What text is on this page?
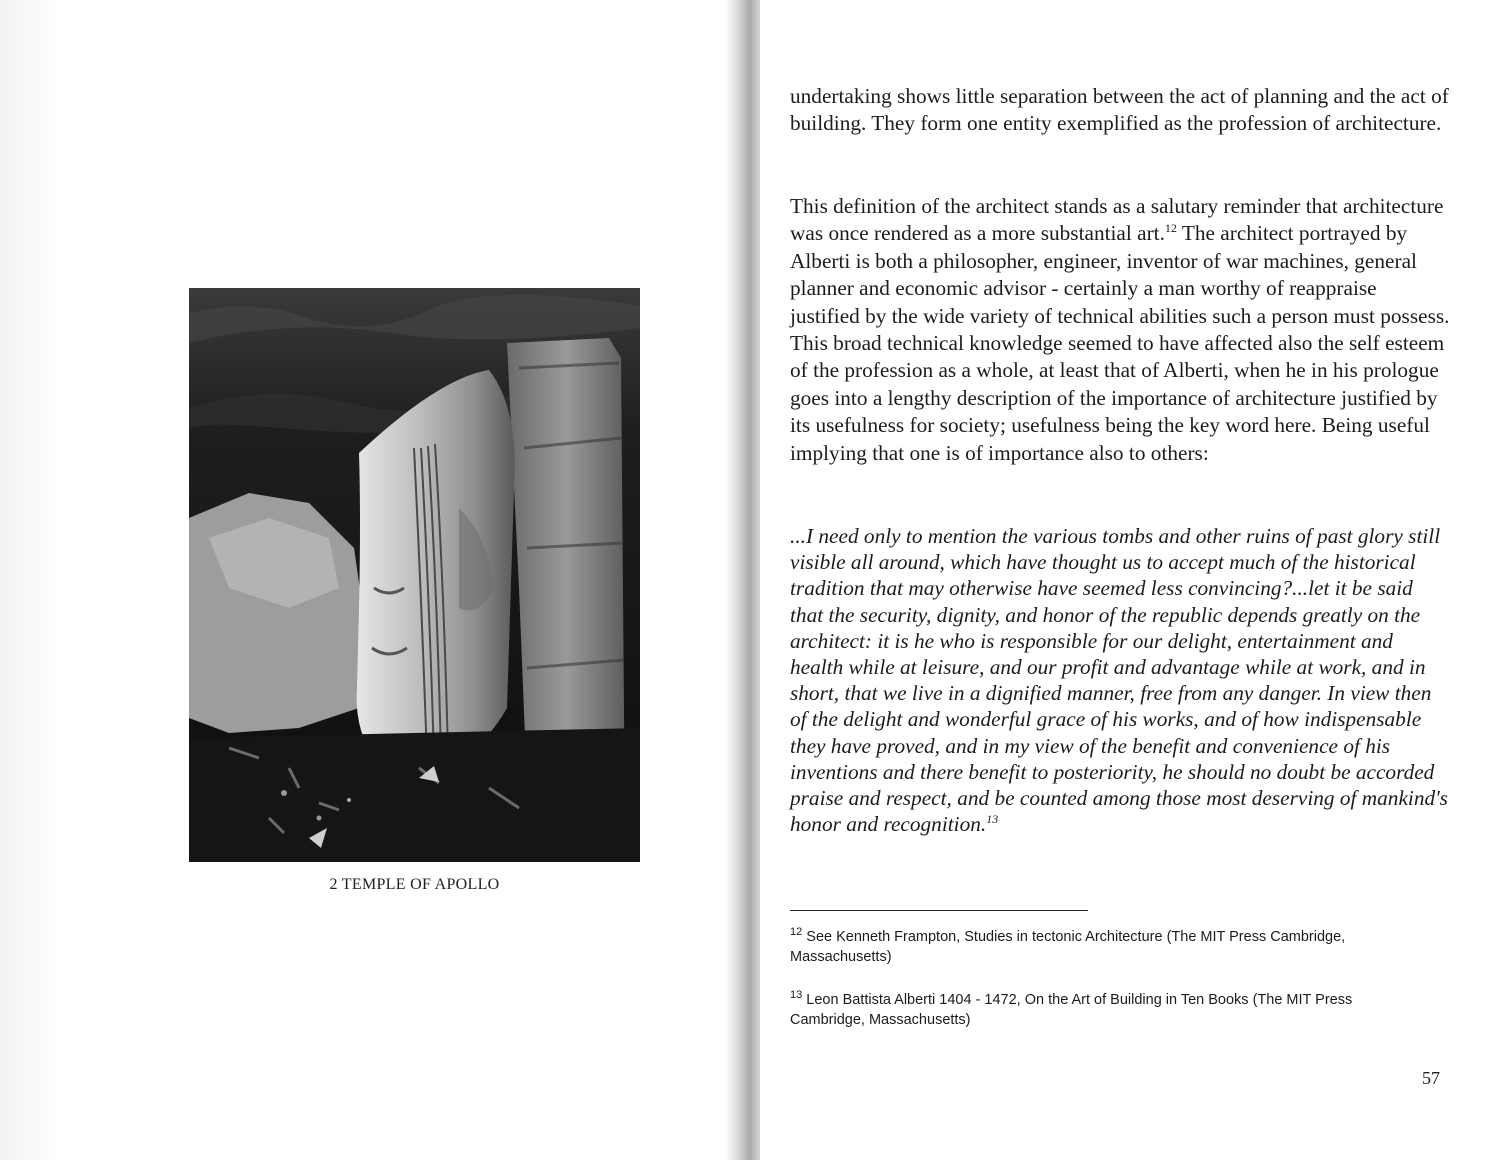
2 TEMPLE OF APOLLO

undertaking shows little separation between the act of planning and the act of building. They form one entity exemplified as the profession of architecture.

This definition of the architect stands as a salutary reminder that architecture was once rendered as a more substantial art.$^{12}$ The architect portrayed by Alberti is both a philosopher, engineer, inventor of war machines, general planner and economic advisor - certainly a man worthy of reappraise justified by the wide variety of technical abilities such a person must possess. This broad technical knowledge seemed to have affected also the self esteem of the profession as a whole, at least that of Alberti, when he in his prologue goes into a lengthy description of the importance of architecture justified by its usefulness for society; usefulness being the key word here. Being useful implying that one is of importance also to others:

...I need only to mention the various tombs and other ruins of past glory still visible all around, which have thought us to accept much of the historical tradition that may otherwise have seemed less convincing?...let it be said that the security, dignity, and honor of the republic depends greatly on the architect: it is he who is responsible for our delight, entertainment and health while at leisure, and our profit and advantage while at work, and in short, that we live in a dignified manner, free from any danger. In view then of the delight and wonderful grace of his works, and of how indispensable they have proved, and in my view of the benefit and convenience of his inventions and there benefit to posteriority, he should no doubt be accorded praise and respect, and be counted among those most deserving of mankind's honor and recognition.$^{13}$

$^{12}$ See Kenneth Frampton, Studies in tectonic Architecture (The MIT Press Cambridge, Massachusetts)

$^{13}$ Leon Battista Alberti 1404 - 1472, On the Art of Building in Ten Books (The MIT Press Cambridge, Massachusetts)

57
